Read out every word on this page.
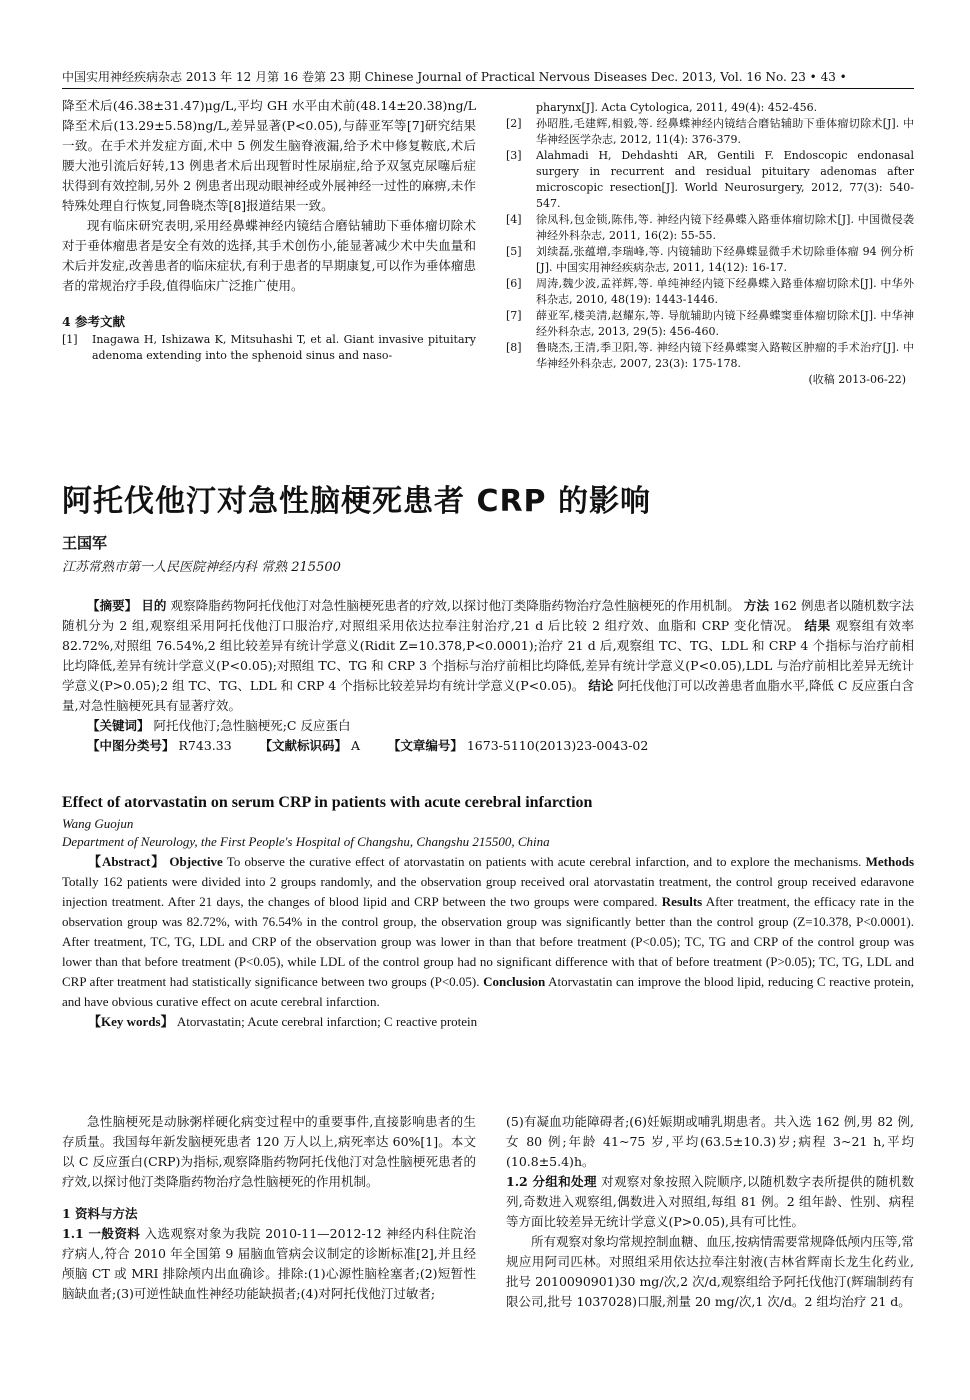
中国实用神经疾病杂志 2013 年 12 月第 16 卷第 23 期 Chinese Journal of Practical Nervous Diseases Dec. 2013, Vol. 16 No. 23 • 43 •

降至术后(46.38±31.47)μg/L,平均 GH 水平由术前(48.14±20.38)ng/L 降至术后(13.29±5.58)ng/L,差异显著(P<0.05),与薛亚军等[7]研究结果一致。在手术并发症方面,术中 5 例发生脑脊液漏,给予术中修复鞍底,术后腰大池引流后好转,13 例患者术后出现暂时性尿崩症,给予双氢克尿噻后症状得到有效控制,另外 2 例患者出现动眼神经或外展神经一过性的麻痹,未作特殊处理自行恢复,同鲁晓杰等[8]报道结果一致。

现有临床研究表明,采用经鼻蝶神经内镜结合磨钻辅助下垂体瘤切除术对于垂体瘤患者是安全有效的选择,其手术创伤小,能显著减少术中失血量和术后并发症,改善患者的临床症状,有利于患者的早期康复,可以作为垂体瘤患者的常规治疗手段,值得临床广泛推广使用。

4 参考文献

[1]	Inagawa H, Ishizawa K, Mitsuhashi T, et al. Giant invasive pituitary adenoma extending into the sphenoid sinus and naso-

pharynx[J]. Acta Cytologica, 2011, 49(4): 452-456.

[2]	孙昭胜,毛建辉,相毅,等. 经鼻蝶神经内镜结合磨钻辅助下垂体瘤切除术[J]. 中华神经医学杂志, 2012, 11(4): 376-379.

[3]	Alahmadi H, Dehdashti AR, Gentili F. Endoscopic endonasal surgery in recurrent and residual pituitary adenomas after microscopic resection[J]. World Neurosurgery, 2012, 77(3): 540-547.

[4]	徐凤科,包金锁,陈伟,等. 神经内镜下经鼻蝶入路垂体瘤切除术[J]. 中国微侵袭神经外科杂志, 2011, 16(2): 55-55.

[5]	刘续磊,张蕴增,李瑞峰,等. 内镜辅助下经鼻蝶显微手术切除垂体瘤 94 例分析[J]. 中国实用神经疾病杂志, 2011, 14(12): 16-17.

[6]	周涛,魏少波,孟祥辉,等. 单纯神经内镜下经鼻蝶入路垂体瘤切除术[J]. 中华外科杂志, 2010, 48(19): 1443-1446.

[7]	薛亚军,楼美清,赵耀东,等. 导航辅助内镜下经鼻蝶窦垂体瘤切除术[J]. 中华神经外科杂志, 2013, 29(5): 456-460.

[8]	鲁晓杰,王清,季卫阳,等. 神经内镜下经鼻蝶窦入路鞍区肿瘤的手术治疗[J]. 中华神经外科杂志, 2007, 23(3): 175-178.

(收稿 2013-06-22)
阿托伐他汀对急性脑梗死患者 CRP 的影响
王国军
江苏常熟市第一人民医院神经内科 常熟 215500

【摘要】 目的 观察降脂药物阿托伐他汀对急性脑梗死患者的疗效,以探讨他汀类降脂药物治疗急性脑梗死的作用机制。 方法 162 例患者以随机数字法随机分为 2 组,观察组采用阿托伐他汀口服治疗,对照组采用依达拉奉注射治疗,21 d 后比较 2 组疗效、血脂和 CRP 变化情况。 结果 观察组有效率 82.72%,对照组 76.54%,2 组比较差异有统计学意义(Ridit Z=10.378,P<0.0001);治疗 21 d 后,观察组 TC、TG、LDL 和 CRP 4 个指标与治疗前相比均降低,差异有统计学意义(P<0.05);对照组 TC、TG 和 CRP 3 个指标与治疗前相比均降低,差异有统计学意义(P<0.05),LDL 与治疗前相比差异无统计学意义(P>0.05);2 组 TC、TG、LDL 和 CRP 4 个指标比较差异均有统计学意义(P<0.05)。 结论 阿托伐他汀可以改善患者血脂水平,降低 C 反应蛋白含量,对急性脑梗死具有显著疗效。

【关键词】 阿托伐他汀;急性脑梗死;C 反应蛋白

【中图分类号】 R743.33 【文献标识码】 A 【文章编号】 1673-5110(2013)23-0043-02

Effect of atorvastatin on serum CRP in patients with acute cerebral infarction
Wang Guojun
Department of Neurology, the First People's Hospital of Changshu, Changshu 215500, China

【Abstract】 Objective To observe the curative effect of atorvastatin on patients with acute cerebral infarction, and to explore the mechanisms. Methods Totally 162 patients were divided into 2 groups randomly, and the observation group received oral atorvastatin treatment, the control group received edaravone injection treatment. After 21 days, the changes of blood lipid and CRP between the two groups were compared. Results After treatment, the efficacy rate in the observation group was 82.72%, with 76.54% in the control group, the observation group was significantly better than the control group (Z=10.378, P<0.0001). After treatment, TC, TG, LDL and CRP of the observation group was lower in than that before treatment (P<0.05); TC, TG and CRP of the control group was lower than that before treatment (P<0.05), while LDL of the control group had no significant difference with that of before treatment (P>0.05); TC, TG, LDL and CRP after treatment had statistically significance between two groups (P<0.05). Conclusion Atorvastatin can improve the blood lipid, reducing C reactive protein, and have obvious curative effect on acute cerebral infarction.

【Key words】 Atorvastatin; Acute cerebral infarction; C reactive protein

急性脑梗死是动脉粥样硬化病变过程中的重要事件,直接影响患者的生存质量。我国每年新发脑梗死患者 120 万人以上,病死率达 60%[1]。本文以 C 反应蛋白(CRP)为指标,观察降脂药物阿托伐他汀对急性脑梗死患者的疗效,以探讨他汀类降脂药物治疗急性脑梗死的作用机制。

1 资料与方法

1.1 一般资料 入选观察对象为我院 2010-11—2012-12 神经内科住院治疗病人,符合 2010 年全国第 9 届脑血管病会议制定的诊断标准[2],并且经颅脑 CT 或 MRI 排除颅内出血确诊。排除:(1)心源性脑栓塞者;(2)短暂性脑缺血者;(3)可逆性缺血性神经功能缺损者;(4)对阿托伐他汀过敏者;

(5)有凝血功能障碍者;(6)妊娠期或哺乳期患者。共入选 162 例,男 82 例,女 80 例;年龄 41~75 岁,平均(63.5±10.3)岁;病程 3~21 h,平均(10.8±5.4)h。

1.2 分组和处理 对观察对象按照入院顺序,以随机数字表所提供的随机数列,奇数进入观察组,偶数进入对照组,每组 81 例。2 组年龄、性别、病程等方面比较差异无统计学意义(P>0.05),具有可比性。

所有观察对象均常规控制血糖、血压,按病情需要常规降低颅内压等,常规应用阿司匹林。对照组采用依达拉奉注射液(吉林省辉南长龙生化药业,批号 2010090901)30 mg/次,2 次/d,观察组给予阿托伐他汀(辉瑞制药有限公司,批号 1037028)口服,剂量 20 mg/次,1 次/d。2 组均治疗 21 d。
